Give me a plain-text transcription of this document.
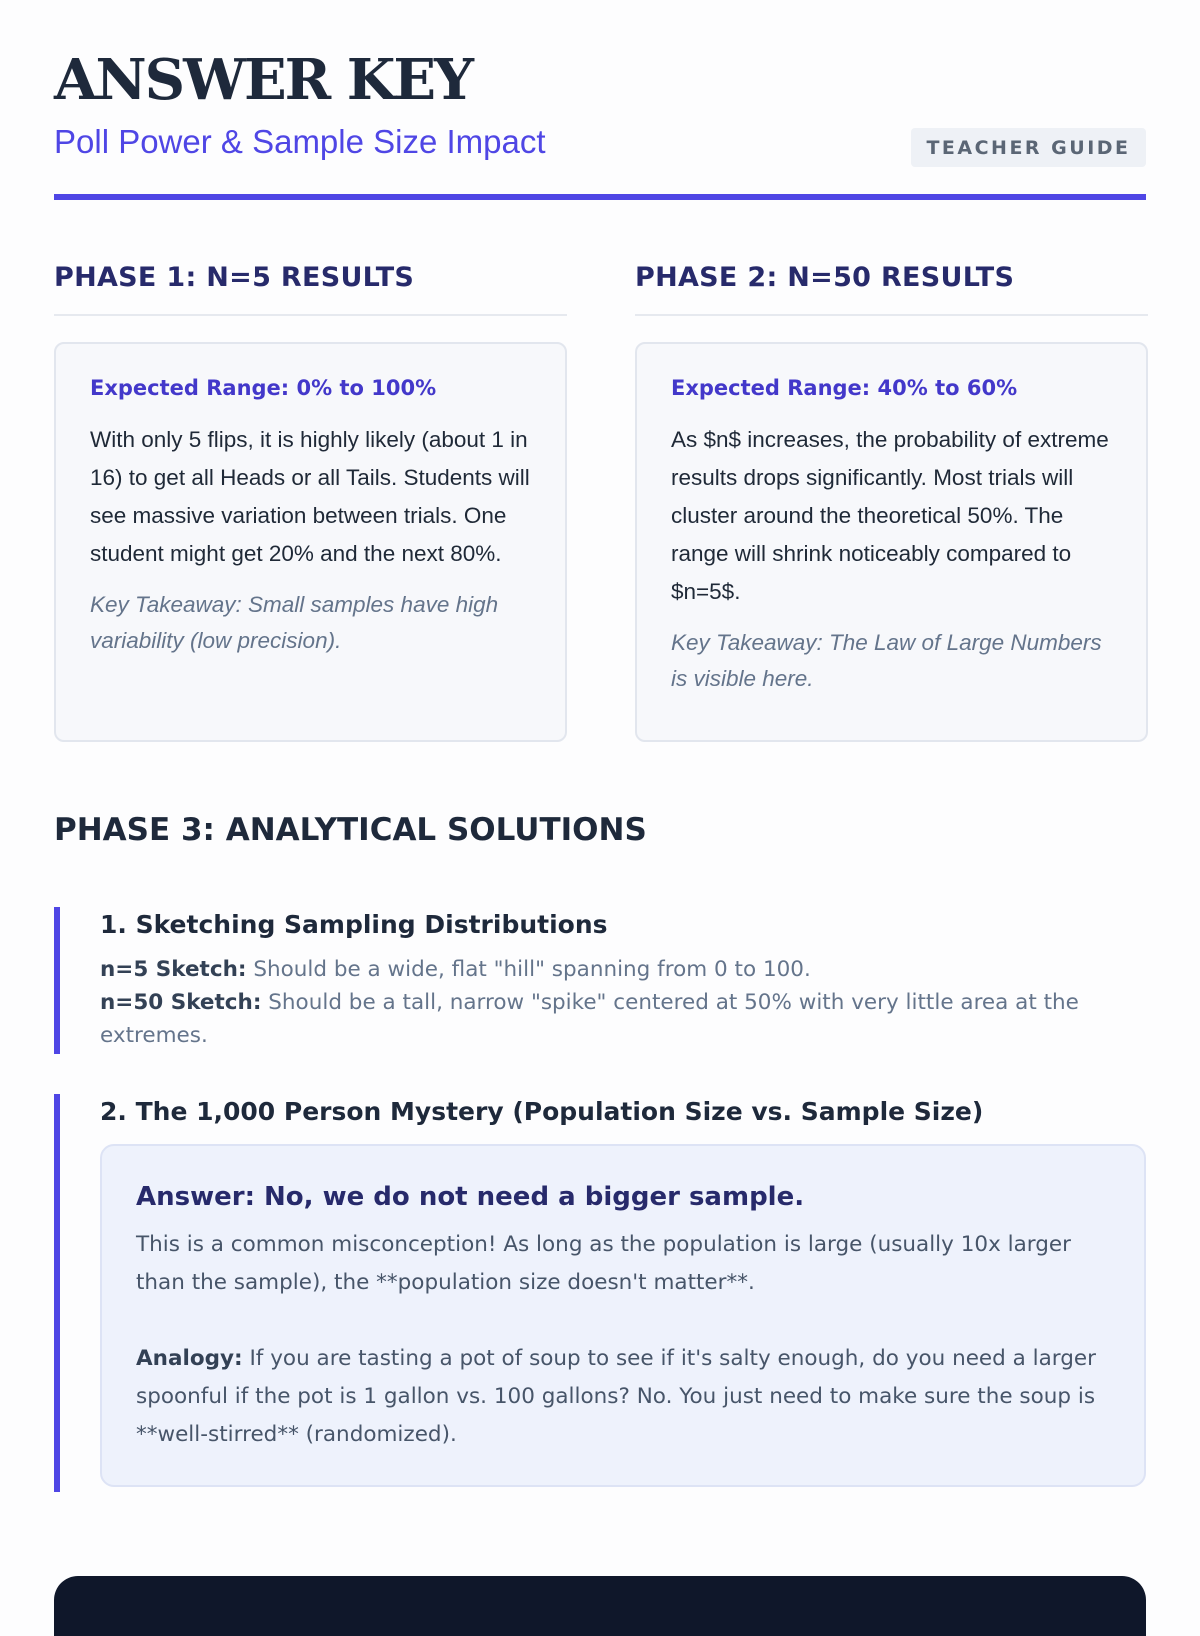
ANSWER KEY
Poll Power & Sample Size Impact	TEACHER GUIDE
PHASE 1: N=5 RESULTS

Expected Range: 0% to 100%

With only 5 flips, it is highly likely (about 1 in 16) to get all Heads or all Tails. Students will see massive variation between trials. One student might get 20% and the next 80%.

Key Takeaway: Small samples have high variability (low precision).

PHASE 2: N=50 RESULTS

Expected Range: 40% to 60%

As $n$ increases, the probability of extreme results drops significantly. Most trials will cluster around the theoretical 50%. The range will shrink noticeably compared to $n=5$.

Key Takeaway: The Law of Large Numbers is visible here.

PHASE 3: ANALYTICAL SOLUTIONS
1. Sketching Sampling Distributions
n=5 Sketch: Should be a wide, flat "hill" spanning from 0 to 100.
n=50 Sketch: Should be a tall, narrow "spike" centered at 50% with very little area at the extremes.
2. The 1,000 Person Mystery (Population Size vs. Sample Size)

Answer: No, we do not need a bigger sample.

This is a common misconception! As long as the population is large (usually 10x larger than the sample), the **population size doesn't matter**.

Analogy: If you are tasting a pot of soup to see if it's salty enough, do you need a larger spoonful if the pot is 1 gallon vs. 100 gallons? No. You just need to make sure the soup is **well-stirred** (randomized).
